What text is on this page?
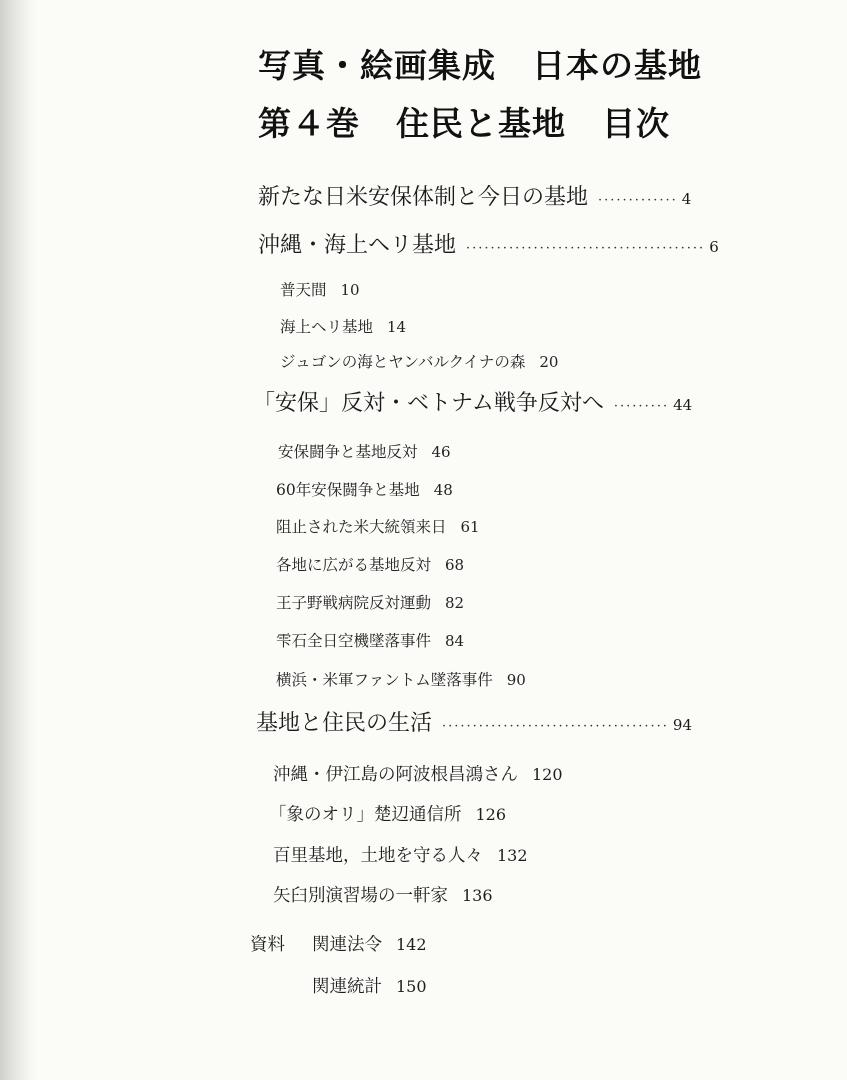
写真・絵画集成 日本の基地
第４巻 住民と基地 目次
新たな日米安保体制と今日の基地 ············· 4
沖縄・海上ヘリ基地 ······································· 6
普天間 10
海上ヘリ基地 14
ジュゴンの海とヤンバルクイナの森 20
「安保」反対・ベトナム戦争反対へ ········· 44
安保闘争と基地反対 46
60年安保闘争と基地 48
阻止された米大統領来日 61
各地に広がる基地反対 68
王子野戦病院反対運動 82
雫石全日空機墜落事件 84
横浜・米軍ファントム墜落事件 90
基地と住民の生活 ····································· 94
沖縄・伊江島の阿波根昌鴻さん 120
「象のオリ」楚辺通信所 126
百里基地，土地を守る人々 132
矢臼別演習場の一軒家 136
資料 関連法令 142
関連統計 150
